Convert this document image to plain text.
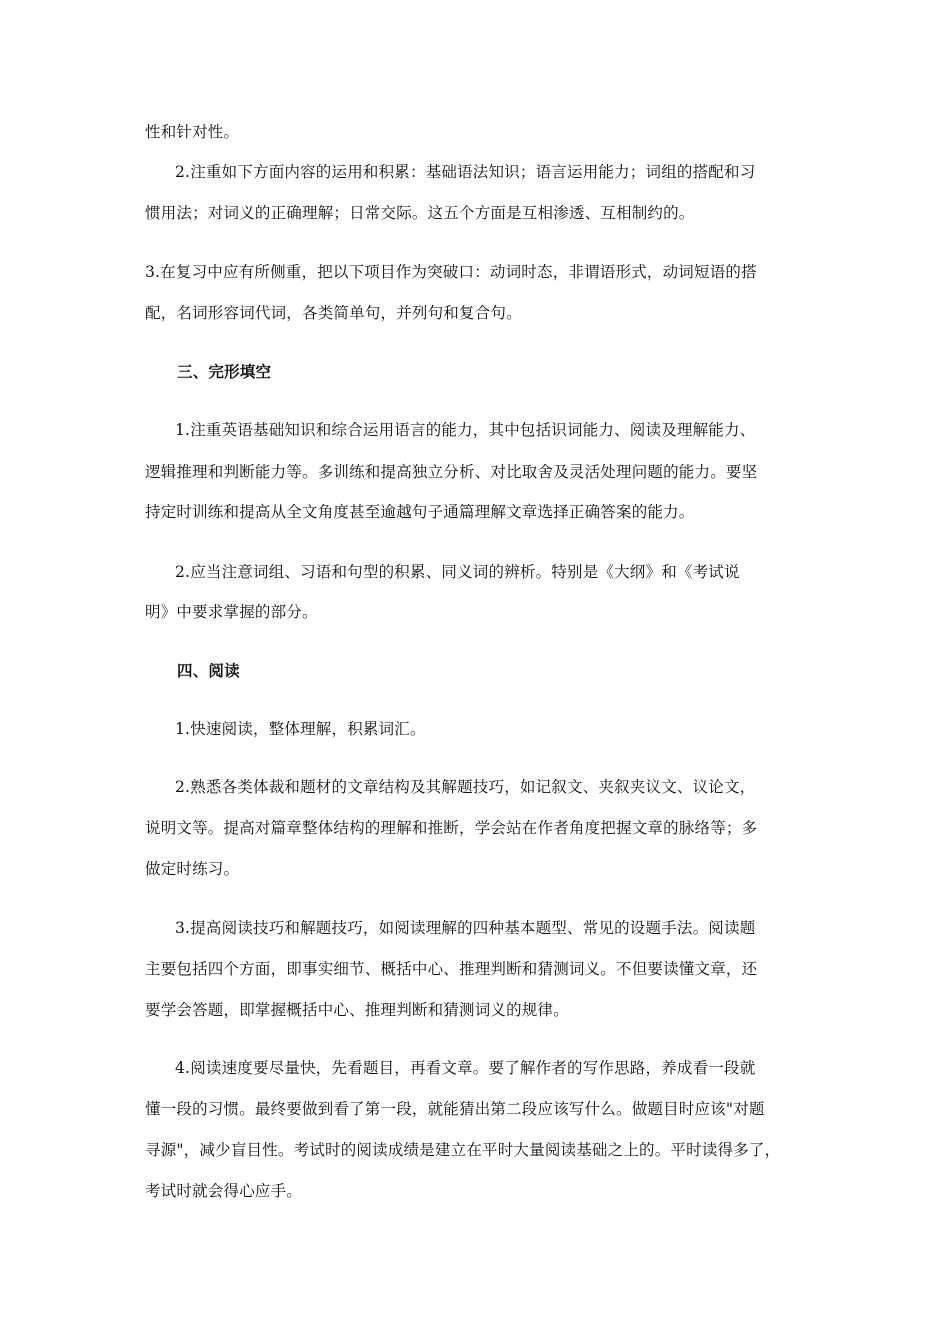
性和针对性。

2.注重如下方面内容的运用和积累：基础语法知识；语言运用能力；词组的搭配和习

惯用法；对词义的正确理解；日常交际。这五个方面是互相渗透、互相制约的。

3.在复习中应有所侧重，把以下项目作为突破口：动词时态，非谓语形式，动词短语的搭

配，名词形容词代词，各类简单句，并列句和复合句。

三、完形填空

1.注重英语基础知识和综合运用语言的能力，其中包括识词能力、阅读及理解能力、

逻辑推理和判断能力等。多训练和提高独立分析、对比取舍及灵活处理问题的能力。要坚

持定时训练和提高从全文角度甚至逾越句子通篇理解文章选择正确答案的能力。

2.应当注意词组、习语和句型的积累、同义词的辨析。特别是《大纲》和《考试说

明》中要求掌握的部分。

四、阅读

1.快速阅读，整体理解，积累词汇。

2.熟悉各类体裁和题材的文章结构及其解题技巧，如记叙文、夹叙夹议文、议论文，

说明文等。提高对篇章整体结构的理解和推断，学会站在作者角度把握文章的脉络等；多

做定时练习。

3.提高阅读技巧和解题技巧，如阅读理解的四种基本题型、常见的设题手法。阅读题

主要包括四个方面，即事实细节、概括中心、推理判断和猜测词义。不但要读懂文章，还

要学会答题，即掌握概括中心、推理判断和猜测词义的规律。

4.阅读速度要尽量快，先看题目，再看文章。要了解作者的写作思路，养成看一段就

懂一段的习惯。最终要做到看了第一段，就能猜出第二段应该写什么。做题目时应该"对题

寻源"，减少盲目性。考试时的阅读成绩是建立在平时大量阅读基础之上的。平时读得多了，

考试时就会得心应手。
